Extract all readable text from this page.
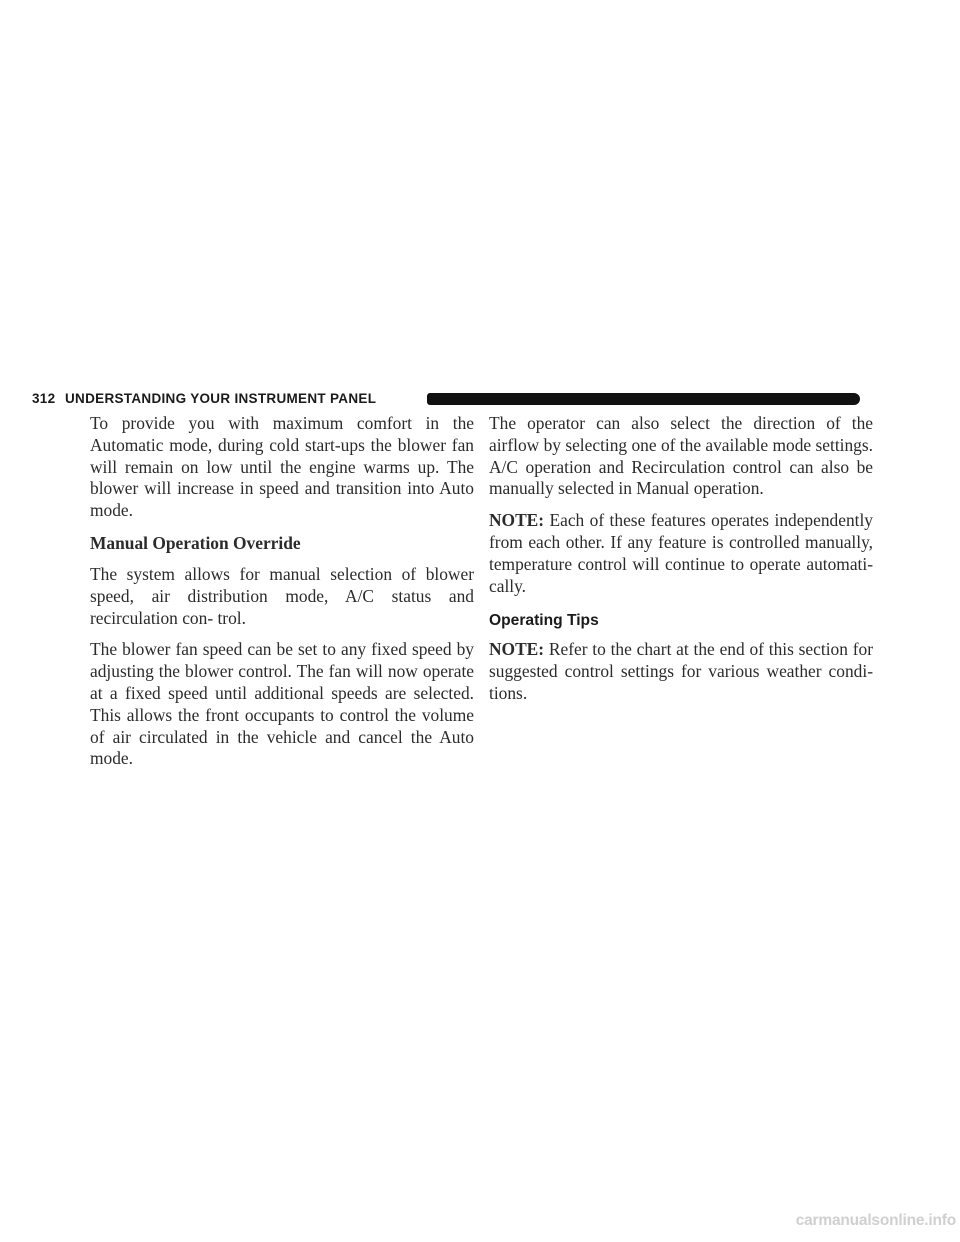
312 UNDERSTANDING YOUR INSTRUMENT PANEL

To provide you with maximum comfort in the Automatic mode, during cold start-ups the blower fan will remain on low until the engine warms up. The blower will increase in speed and transition into Auto mode.

Manual Operation Override

The system allows for manual selection of blower speed, air distribution mode, A/C status and recirculation con- trol.

The blower fan speed can be set to any fixed speed by adjusting the blower control. The fan will now operate at a fixed speed until additional speeds are selected. This allows the front occupants to control the volume of air circulated in the vehicle and cancel the Auto mode.

The operator can also select the direction of the airflow by selecting one of the available mode settings. A/C operation and Recirculation control can also be manually selected in Manual operation.

NOTE: Each of these features operates independently from each other. If any feature is controlled manually, temperature control will continue to operate automati- cally.

Operating Tips

NOTE: Refer to the chart at the end of this section for suggested control settings for various weather condi- tions.

carmanualsonline.info
